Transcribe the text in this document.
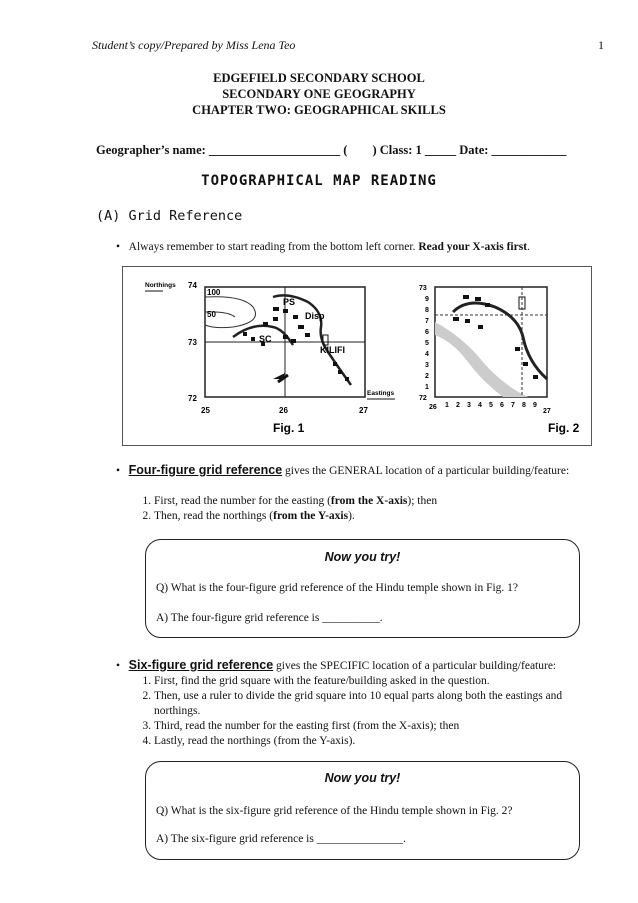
Student’s copy/Prepared by Miss Lena Teo	1
EDGEFIELD SECONDARY SCHOOL
SECONDARY ONE GEOGRAPHY
CHAPTER TWO: GEOGRAPHICAL SKILLS
Geographer’s name: _____________________ (        ) Class: 1 _____ Date: ____________
TOPOGRAPHICAL MAP READING
(A) Grid Reference
•   Always remember to start reading from the bottom left corner. Read your X-axis first.
100
50
PS
Disp
SC
KILIFI
Northings 74
73
72
25	26	27
Eastings
Fig. 1
73
9
8
7
6
5
4
3
2
1
72
26 1 2 3 4 5 6 7 8 9
27
Fig. 2
•   Four-figure grid reference gives the GENERAL location of a particular building/feature:
1. First, read the number for the easting (from the X-axis); then
2. Then, read the northings (from the Y-axis).
Now you try!
Q) What is the four-figure grid reference of the Hindu temple shown in Fig. 1?
A) The four-figure grid reference is __________.
•   Six-figure grid reference gives the SPECIFIC location of a particular building/feature:
1. First, find the grid square with the feature/building asked in the question.
2. Then, use a ruler to divide the grid square into 10 equal parts along both the eastings and northings.
3. Third, read the number for the easting first (from the X-axis); then
4. Lastly, read the northings (from the Y-axis).
Now you try!
Q) What is the six-figure grid reference of the Hindu temple shown in Fig. 2?
A) The six-figure grid reference is _______________.
